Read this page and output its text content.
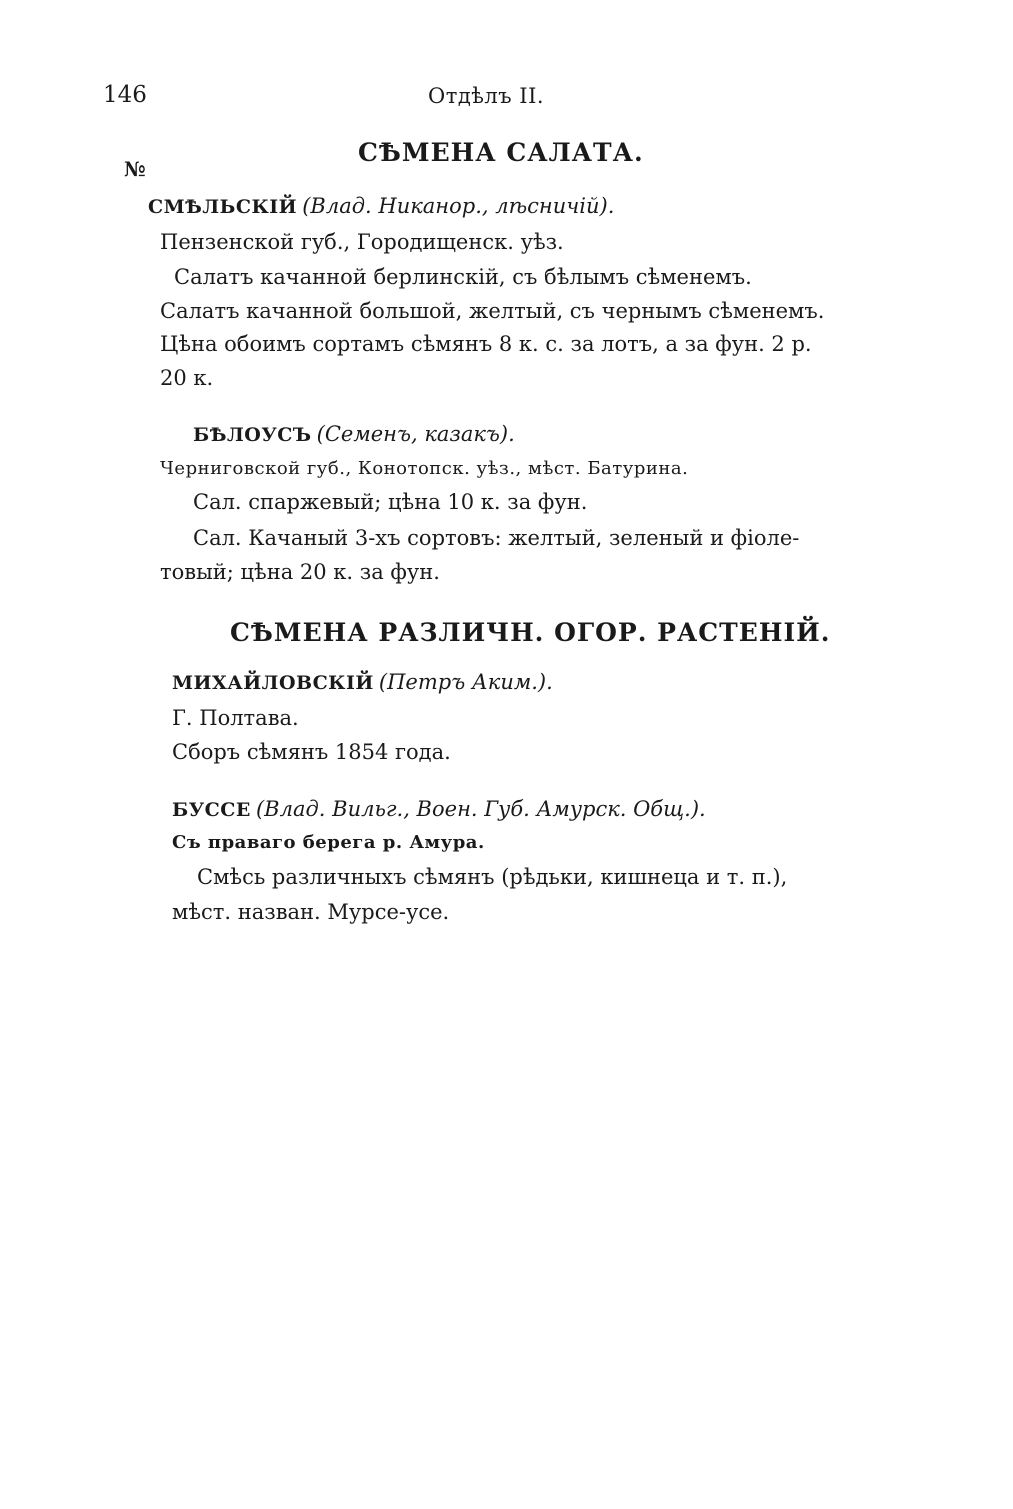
146	Отдѣлъ II.
СѢМЕНА САЛАТА.
№
СМѢЛЬСКІЙ (Влад. Никанор., лѣсничій).
Пензенской губ., Городищенск. уѣз.
Салатъ качанной берлинскій, съ бѣлымъ сѣменемъ.
Салатъ качанной большой, желтый, съ чернымъ сѣменемъ.
Цѣна обоимъ сортамъ сѣмянъ 8 к. с. за лотъ, а за фун. 2 р.
20 к.
БѢЛОУСЪ (Семенъ, казакъ).
Черниговской губ., Конотопск. уѣз., мѣст. Батурина.
Сал. спаржевый; цѣна 10 к. за фун.
Сал. Качаный 3-хъ сортовъ: желтый, зеленый и фіоле-
товый; цѣна 20 к. за фун.
СѢМЕНА РАЗЛИЧН. ОГОР. РАСТЕНІЙ.
МИХАЙЛОВСКІЙ (Петръ Аким.).
Г. Полтава.
Сборъ сѣмянъ 1854 года.
БУССЕ (Влад. Вильг., Воен. Губ. Амурск. Общ.).
Съ праваго берега р. Амура.
Смѣсь различныхъ сѣмянъ (рѣдьки, кишнеца и т. п.),
мѣст. назван. Мурсе-усе.
